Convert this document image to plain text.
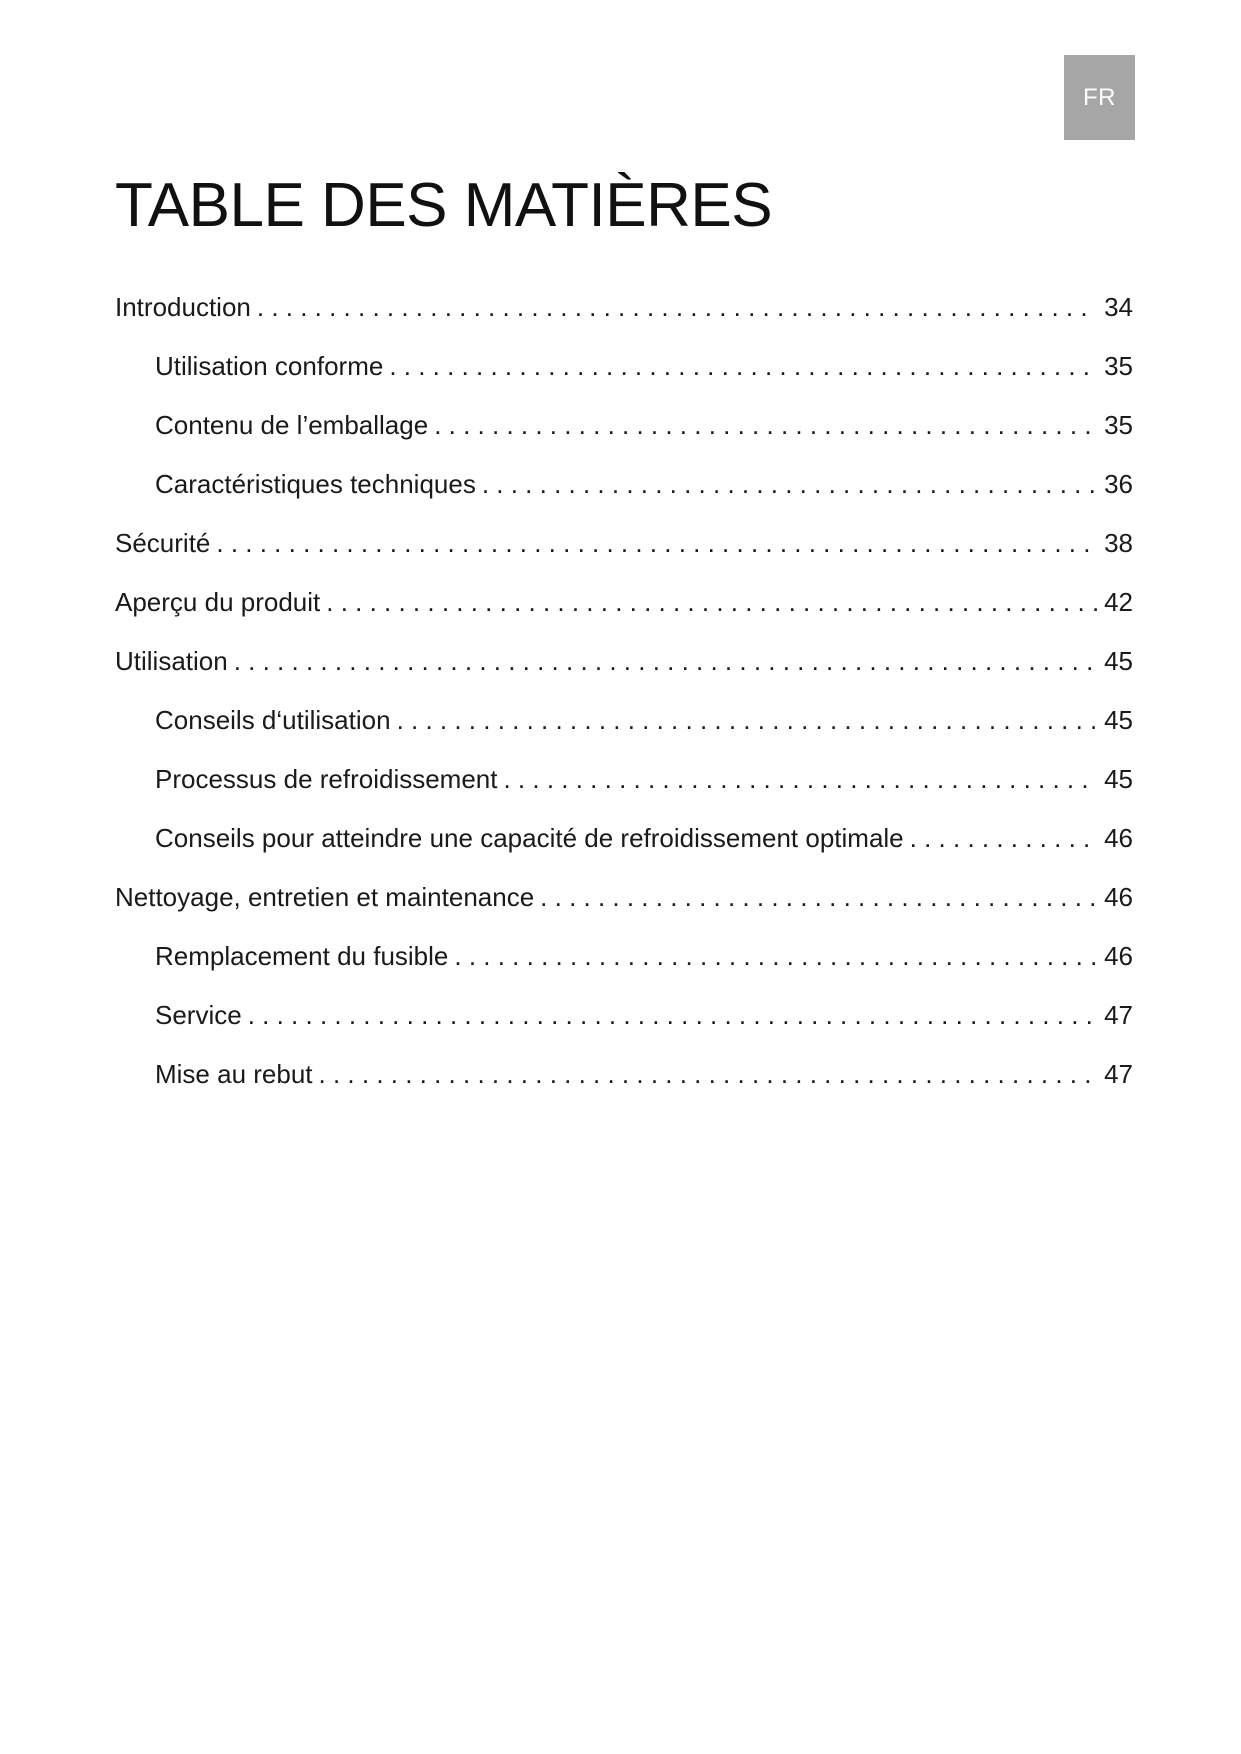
FR
TABLE DES MATIÈRES
Introduction . . .	34
Utilisation conforme . . .	35
Contenu de l’emballage . . .	35
Caractéristiques techniques . . .	36
Sécurité . . .	38
Aperçu du produit . . .	42
Utilisation . . .	45
Conseils d‘utilisation . . .	45
Processus de refroidissement . . .	45
Conseils pour atteindre une capacité de refroidissement optimale . . .	46
Nettoyage, entretien et maintenance . . .	46
Remplacement du fusible . . .	46
Service . . .	47
Mise au rebut . . .	47
